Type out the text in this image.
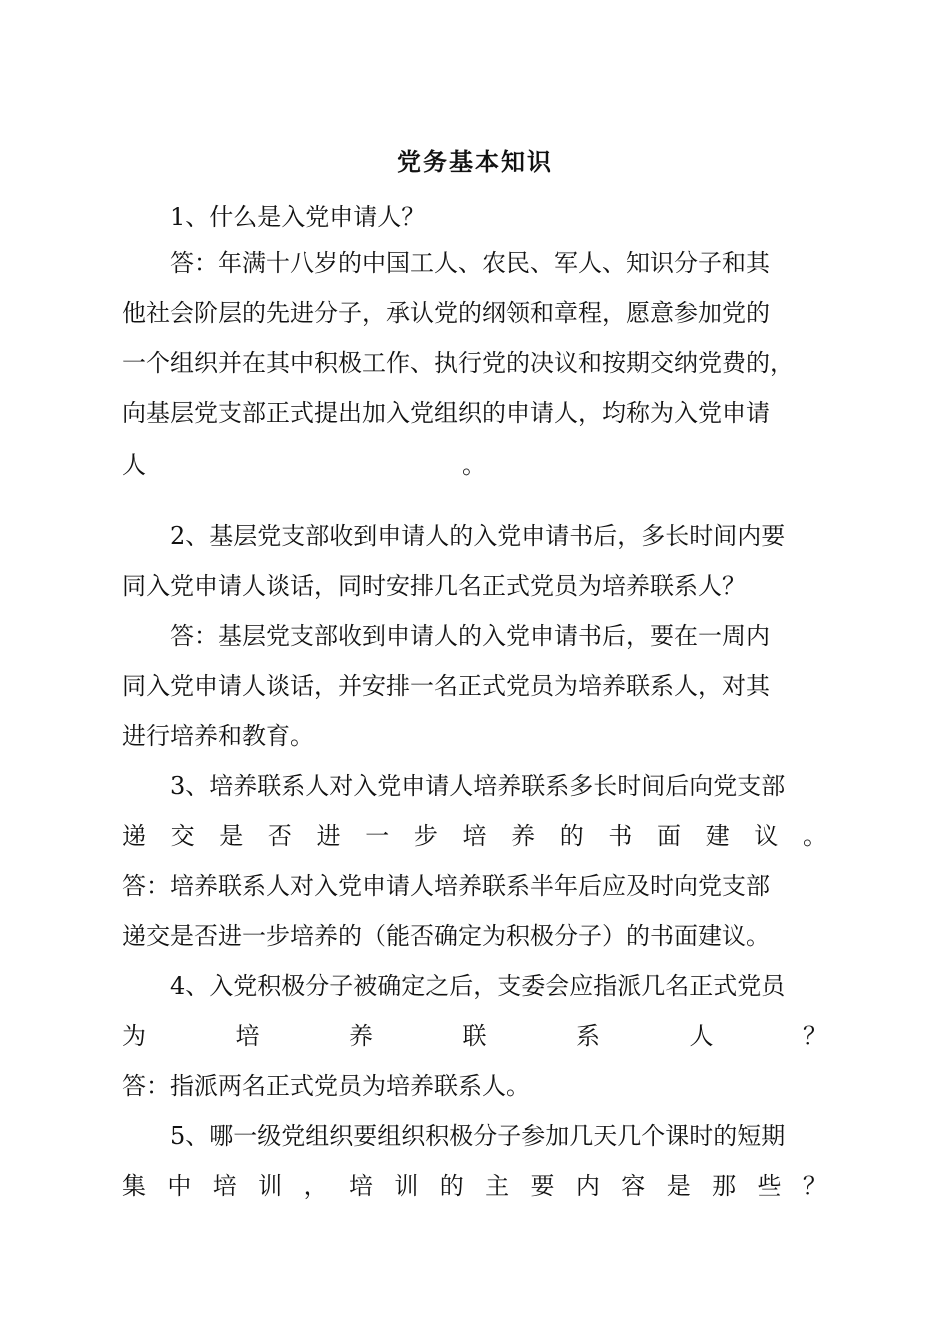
党务基本知识
1、什么是入党申请人？
答：年满十八岁的中国工人、农民、军人、知识分子和其
他社会阶层的先进分子，承认党的纲领和章程，愿意参加党的
一个组织并在其中积极工作、执行党的决议和按期交纳党费的，
向基层党支部正式提出加入党组织的申请人，均称为入党申请
人	。
2、基层党支部收到申请人的入党申请书后，多长时间内要
同入党申请人谈话，同时安排几名正式党员为培养联系人？
答：基层党支部收到申请人的入党申请书后，要在一周内
同入党申请人谈话，并安排一名正式党员为培养联系人，对其
进行培养和教育。
3、培养联系人对入党申请人培养联系多长时间后向党支部
递 交 是 否 进 一 步 培 养 的 书 面 建 议 。
答：培养联系人对入党申请人培养联系半年后应及时向党支部
递交是否进一步培养的（能否确定为积极分子）的书面建议。
4、入党积极分子被确定之后，支委会应指派几名正式党员
为	培	养	联	系	人	？
答：指派两名正式党员为培养联系人。
5、哪一级党组织要组织积极分子参加几天几个课时的短期
集 中 培 训 ， 培 训 的 主 要 内 容 是 那 些 ？
